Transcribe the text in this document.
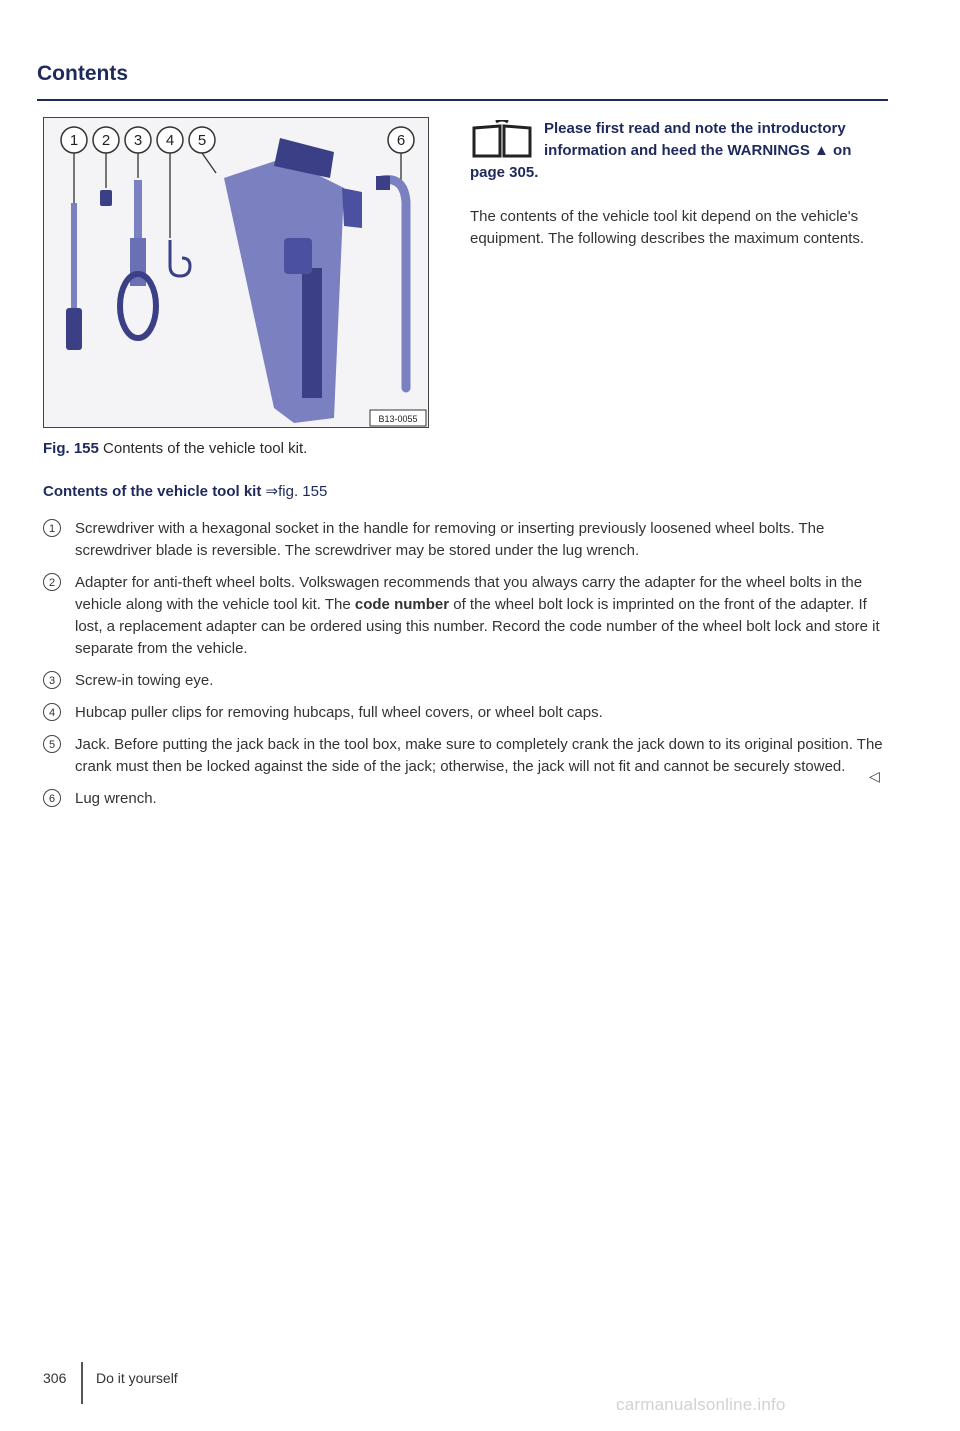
Contents
1 2 3 4 5	6
B13-0055
Fig. 155 Contents of the vehicle tool kit.
Please first read and note the introductory information and heed the WARNINGS ▲ on page 305.
The contents of the vehicle tool kit depend on the vehicle's equipment. The following describes the maximum contents.
Contents of the vehicle tool kit ⇒fig. 155
1	Screwdriver with a hexagonal socket in the handle for removing or inserting previously loosened wheel bolts. The screwdriver blade is reversible. The screwdriver may be stored under the lug wrench.
2	Adapter for anti-theft wheel bolts. Volkswagen recommends that you always carry the adapter for the wheel bolts in the vehicle along with the vehicle tool kit. The code number of the wheel bolt lock is imprinted on the front of the adapter. If lost, a replacement adapter can be ordered using this number. Record the code number of the wheel bolt lock and store it separate from the vehicle.
3	Screw-in towing eye.
4	Hubcap puller clips for removing hubcaps, full wheel covers, or wheel bolt caps.
5	Jack. Before putting the jack back in the tool box, make sure to completely crank the jack down to its original position. The crank must then be locked against the side of the jack; otherwise, the jack will not fit and cannot be securely stowed.
6	Lug wrench.
◁
306 Do it yourself
carmanualsonline.info
